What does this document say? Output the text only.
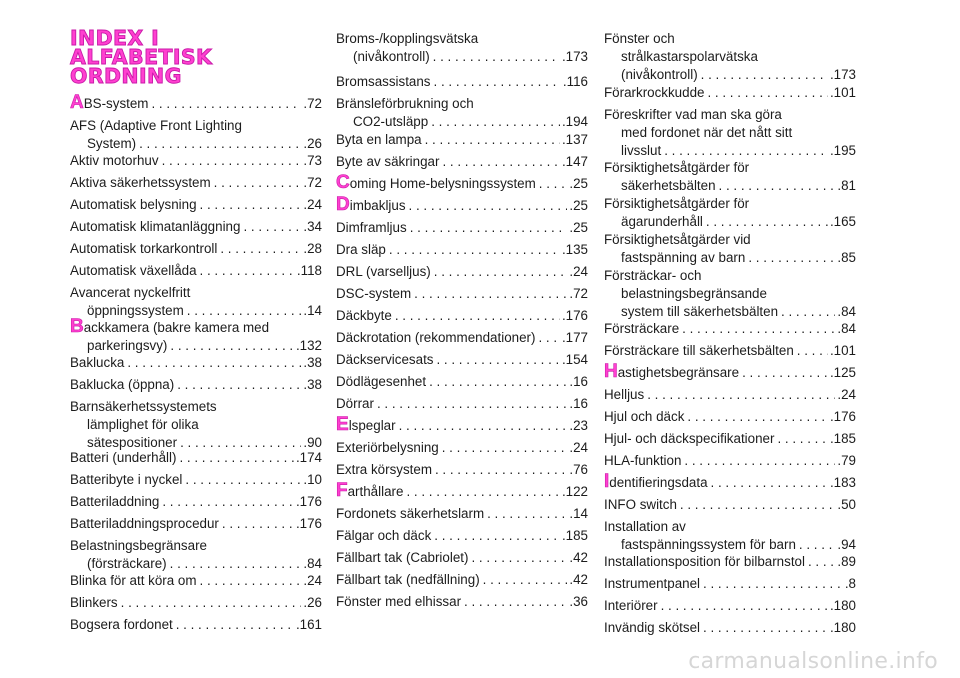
INDEX I
ALFABETISK
ORDNING
ABS-system . . .	.72
AFS (Adaptive Front Lighting
System) . . .	.26
Aktiv motorhuv . . .	.73
Aktiva säkerhetssystem . . .	.72
Automatisk belysning . . .	.24
Automatisk klimatanläggning . . .	.34
Automatisk torkarkontroll . . .	.28
Automatisk växellåda . . .	.118
Avancerat nyckelfritt
öppningssystem . . .	.14
Backkamera (bakre kamera med
parkeringsvy) . . .	.132
Baklucka . . .	.38
Baklucka (öppna) . . .	.38
Barnsäkerhetssystemets
lämplighet för olika
sätespositioner . . .	.90
Batteri (underhåll) . . .	.174
Batteribyte i nyckel . . .	.10
Batteriladdning . . .	.176
Batteriladdningsprocedur . . .	.176
Belastningsbegränsare
(försträckare) . . .	.84
Blinka för att köra om . . .	.24
Blinkers . . .	.26
Bogsera fordonet . . .	.161
Broms-/kopplingsvätska
(nivåkontroll) . . .	.173
Bromsassistans . . .	.116
Bränsleförbrukning och
CO2-utsläpp . . .	.194
Byta en lampa . . .	.137
Byte av säkringar . . .	.147
Coming Home-belysningssystem . . .	.25
Dimbakljus . . .	.25
Dimframljus . . .	.25
Dra släp . . .	.135
DRL (varselljus) . . .	.24
DSC-system . . .	.72
Däckbyte . . .	.176
Däckrotation (rekommendationer) . . . .177
Däckservicesats . . .	.154
Dödlägesenhet . . .	.16
Dörrar . . .	.16
Elspeglar . . .	.23
Exteriörbelysning . . .	.24
Extra körsystem . . .	.76
Farthållare . . .	.122
Fordonets säkerhetslarm . . .	.14
Fälgar och däck . . .	.185
Fällbart tak (Cabriolet) . . .	.42
Fällbart tak (nedfällning) . . .	.42
Fönster med elhissar . . .	.36
Fönster och
strålkastarspolarvätska
(nivåkontroll) . . .	.173
Förarkrockkudde . . .	.101
Föreskrifter vad man ska göra
med fordonet när det nått sitt
livsslut . . .	.195
Försiktighetsåtgärder för
säkerhetsbälten . . .	.81
Försiktighetsåtgärder för
ägarunderhåll . . .	.165
Försiktighetsåtgärder vid
fastspänning av barn . . .	.85
Försträckar- och
belastningsbegränsande
system till säkerhetsbälten . . .	.84
Försträckare . . .	.84
Försträckare till säkerhetsbälten . . .	.101
Hastighetsbegränsare . . .	.125
Helljus . . .	.24
Hjul och däck . . .	.176
Hjul- och däckspecifikationer . . .	.185
HLA-funktion . . .	.79
Identifieringsdata . . .	.183
INFO switch . . .	.50
Installation av
fastspänningssystem för barn . . .	.94
Installationsposition för bilbarnstol . . . .89
Instrumentpanel . . .	.8
Interiörer . . .	.180
Invändig skötsel . . .	.180
carmanualsonline.info
